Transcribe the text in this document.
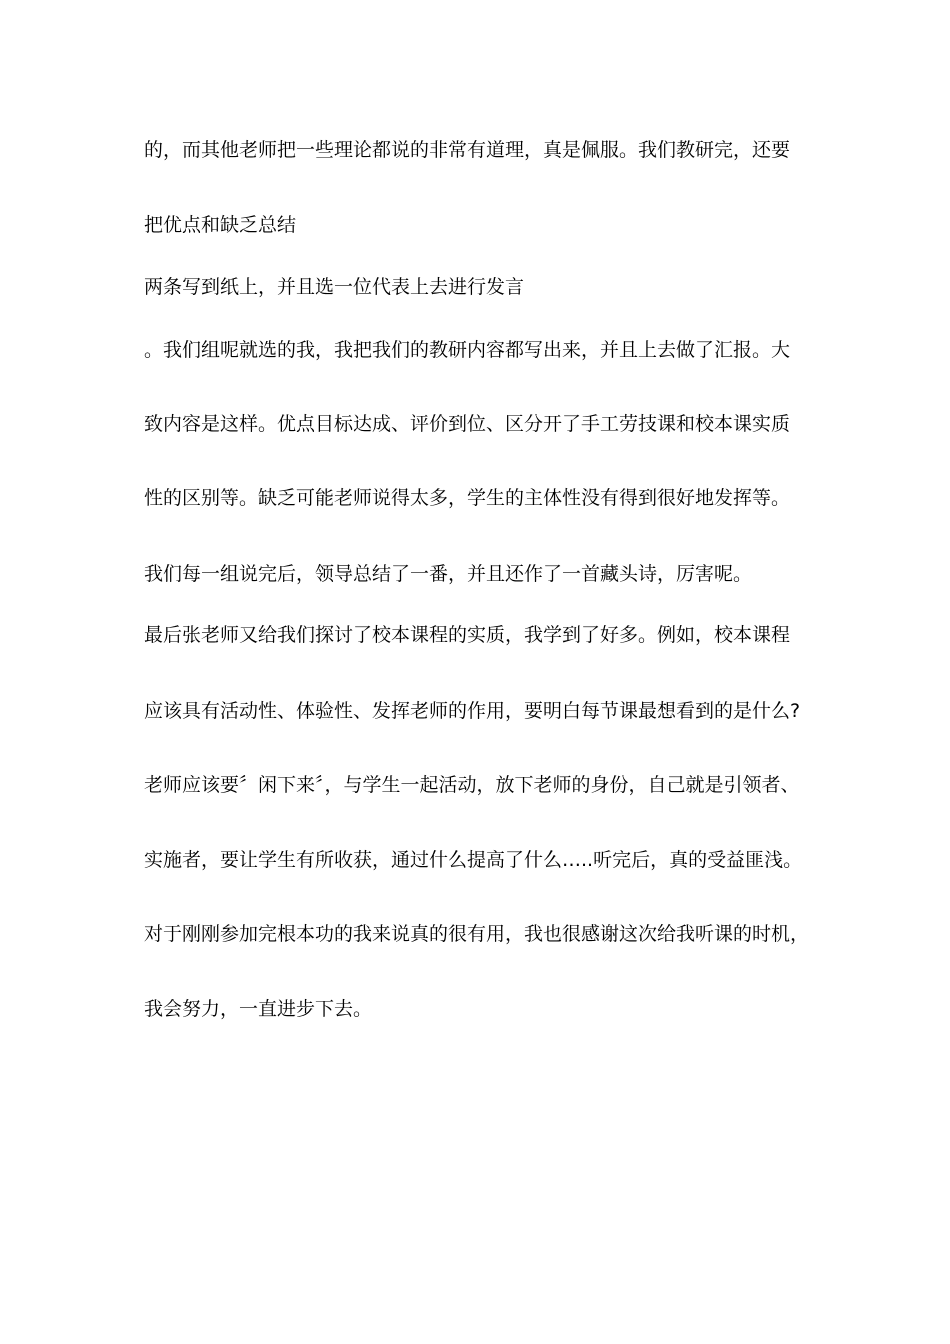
的，而其他老师把一些理论都说的非常有道理，真是佩服。我们教研完，还要
把优点和缺乏总结
两条写到纸上，并且选一位代表上去进行发言
。我们组呢就选的我，我把我们的教研内容都写出来，并且上去做了汇报。大
致内容是这样。优点目标达成、评价到位、区分开了手工劳技课和校本课实质
性的区别等。缺乏可能老师说得太多，学生的主体性没有得到很好地发挥等。
我们每一组说完后，领导总结了一番，并且还作了一首藏头诗，厉害呢。
最后张老师又给我们探讨了校本课程的实质，我学到了好多。例如，校本课程
应该具有活动性、体验性、发挥老师的作用，要明白每节课最想看到的是什么?
老师应该要〞闲下来〞，与学生一起活动，放下老师的身份，自己就是引领者、
实施者，要让学生有所收获，通过什么提高了什么…..听完后，真的受益匪浅。
对于刚刚参加完根本功的我来说真的很有用，我也很感谢这次给我听课的时机，
我会努力，一直进步下去。
